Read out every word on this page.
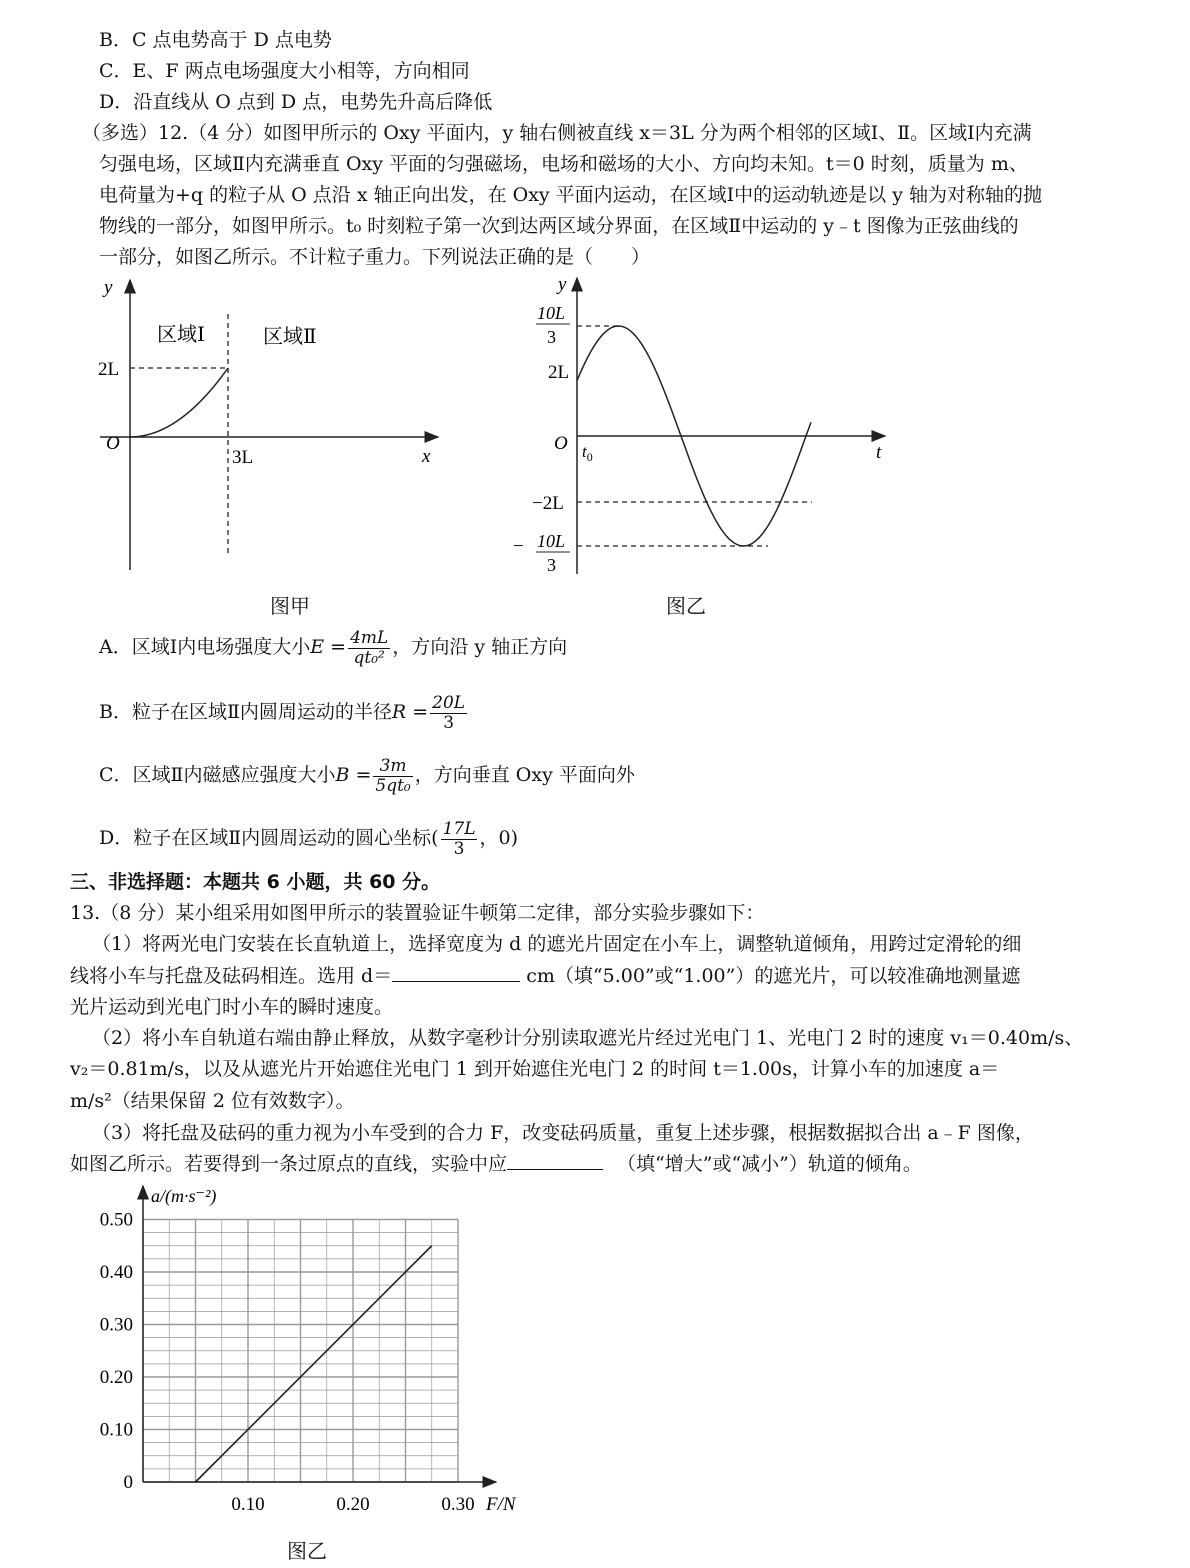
B．C 点电势高于 D 点电势
C．E、F 两点电场强度大小相等，方向相同
D．沿直线从 O 点到 D 点，电势先升高后降低
（多选）12.（4 分）如图甲所示的 Oxy 平面内，y 轴右侧被直线 x＝3L 分为两个相邻的区域Ⅰ、Ⅱ。区域Ⅰ内充满
匀强电场，区域Ⅱ内充满垂直 Oxy 平面的匀强磁场，电场和磁场的大小、方向均未知。t＝0 时刻，质量为 m、
电荷量为+q 的粒子从 O 点沿 x 轴正向出发，在 Oxy 平面内运动，在区域Ⅰ中的运动轨迹是以 y 轴为对称轴的抛
物线的一部分，如图甲所示。t₀ 时刻粒子第一次到达两区域分界面，在区域Ⅱ中运动的 y﹣t 图像为正弦曲线的
一部分，如图乙所示。不计粒子重力。下列说法正确的是（　　）
y
x
O
2L
3L
区域Ⅰ	区域Ⅱ
图甲
y
t
O $t_0$
10L
3
2L
−2L
− 10L
3
图乙
A．区域Ⅰ内电场强度大小$E = \frac{4mL}{\text{qt₀²}}$ ，方向沿 y 轴正方向
B．粒子在区域Ⅱ内圆周运动的半径$R = \frac{20L}{3}$
C．区域Ⅱ内磁感应强度大小$B = \frac{3m}{\text{5qt₀}}$ ，方向垂直 Oxy 平面向外
D．粒子在区域Ⅱ内圆周运动的圆心坐标( $\frac{17L}{3}$ ，0)
三、非选择题：本题共 6 小题，共 60 分。
13.（8 分）某小组采用如图甲所示的装置验证牛顿第二定律，部分实验步骤如下：
（1）将两光电门安装在长直轨道上，选择宽度为 d 的遮光片固定在小车上，调整轨道倾角，用跨过定滑轮的细
线将小车与托盘及砝码相连。选用 d＝	cm（填“5.00”或“1.00”）的遮光片，可以较准确地测量遮
光片运动到光电门时小车的瞬时速度。
（2）将小车自轨道右端由静止释放，从数字毫秒计分别读取遮光片经过光电门 1、光电门 2 时的速度 v₁＝0.40m/s、
v₂＝0.81m/s，以及从遮光片开始遮住光电门 1 到开始遮住光电门 2 的时间 t＝1.00s，计算小车的加速度 a＝
m/s²（结果保留 2 位有效数字）。
（3）将托盘及砝码的重力视为小车受到的合力 F，改变砝码质量，重复上述步骤，根据数据拟合出 a﹣F 图像，
如图乙所示。若要得到一条过原点的直线，实验中应	（填“增大”或“减小”）轨道的倾角。
0
0.10
0.20
0.30
0.40
0.50
0.10	0.20	0.30
a/(m·s⁻²)
F/N
图乙
